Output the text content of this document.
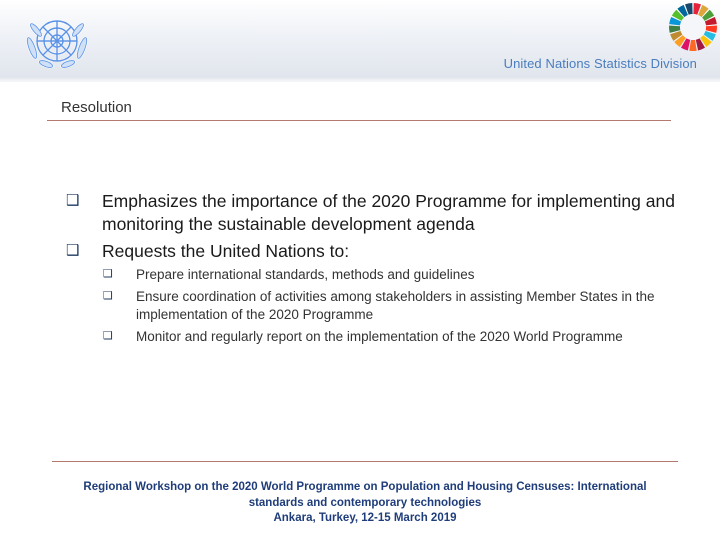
United Nations Statistics Division
Resolution
❑ Emphasizes the importance of the 2020 Programme for implementing and monitoring the sustainable development agenda
❑ Requests the United Nations to:
❑	Prepare international standards, methods and guidelines
❑	Ensure coordination of activities among stakeholders in assisting Member States in the implementation of the 2020 Programme
❑	Monitor and regularly report on the implementation of the 2020 World Programme
Regional Workshop on the 2020 World Programme on Population and Housing Censuses: International
standards and contemporary technologies
Ankara, Turkey, 12-15 March 2019
